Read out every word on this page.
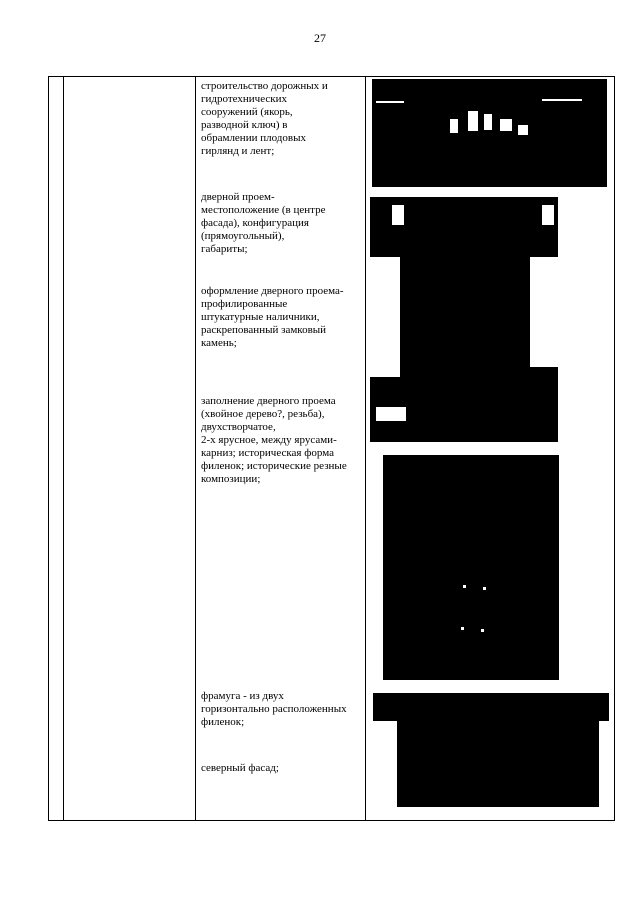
27
строительство дорожных и
гидротехнических
сооружений (якорь,
разводной ключ) в
обрамлении плодовых
гирлянд и лент;
дверной проем-
местоположение (в центре
фасада), конфигурация
(прямоугольный),
габариты;
оформление дверного проема-
профилированные
штукатурные наличники,
раскрепованный замковый
камень;
заполнение дверного проема
(хвойное дерево?, резьба),
двухстворчатое,
2-х ярусное, между ярусами-
карниз; историческая форма
филенок; исторические резные
композиции;
фрамуга - из двух
горизонтально расположенных
филенок;
северный фасад;
